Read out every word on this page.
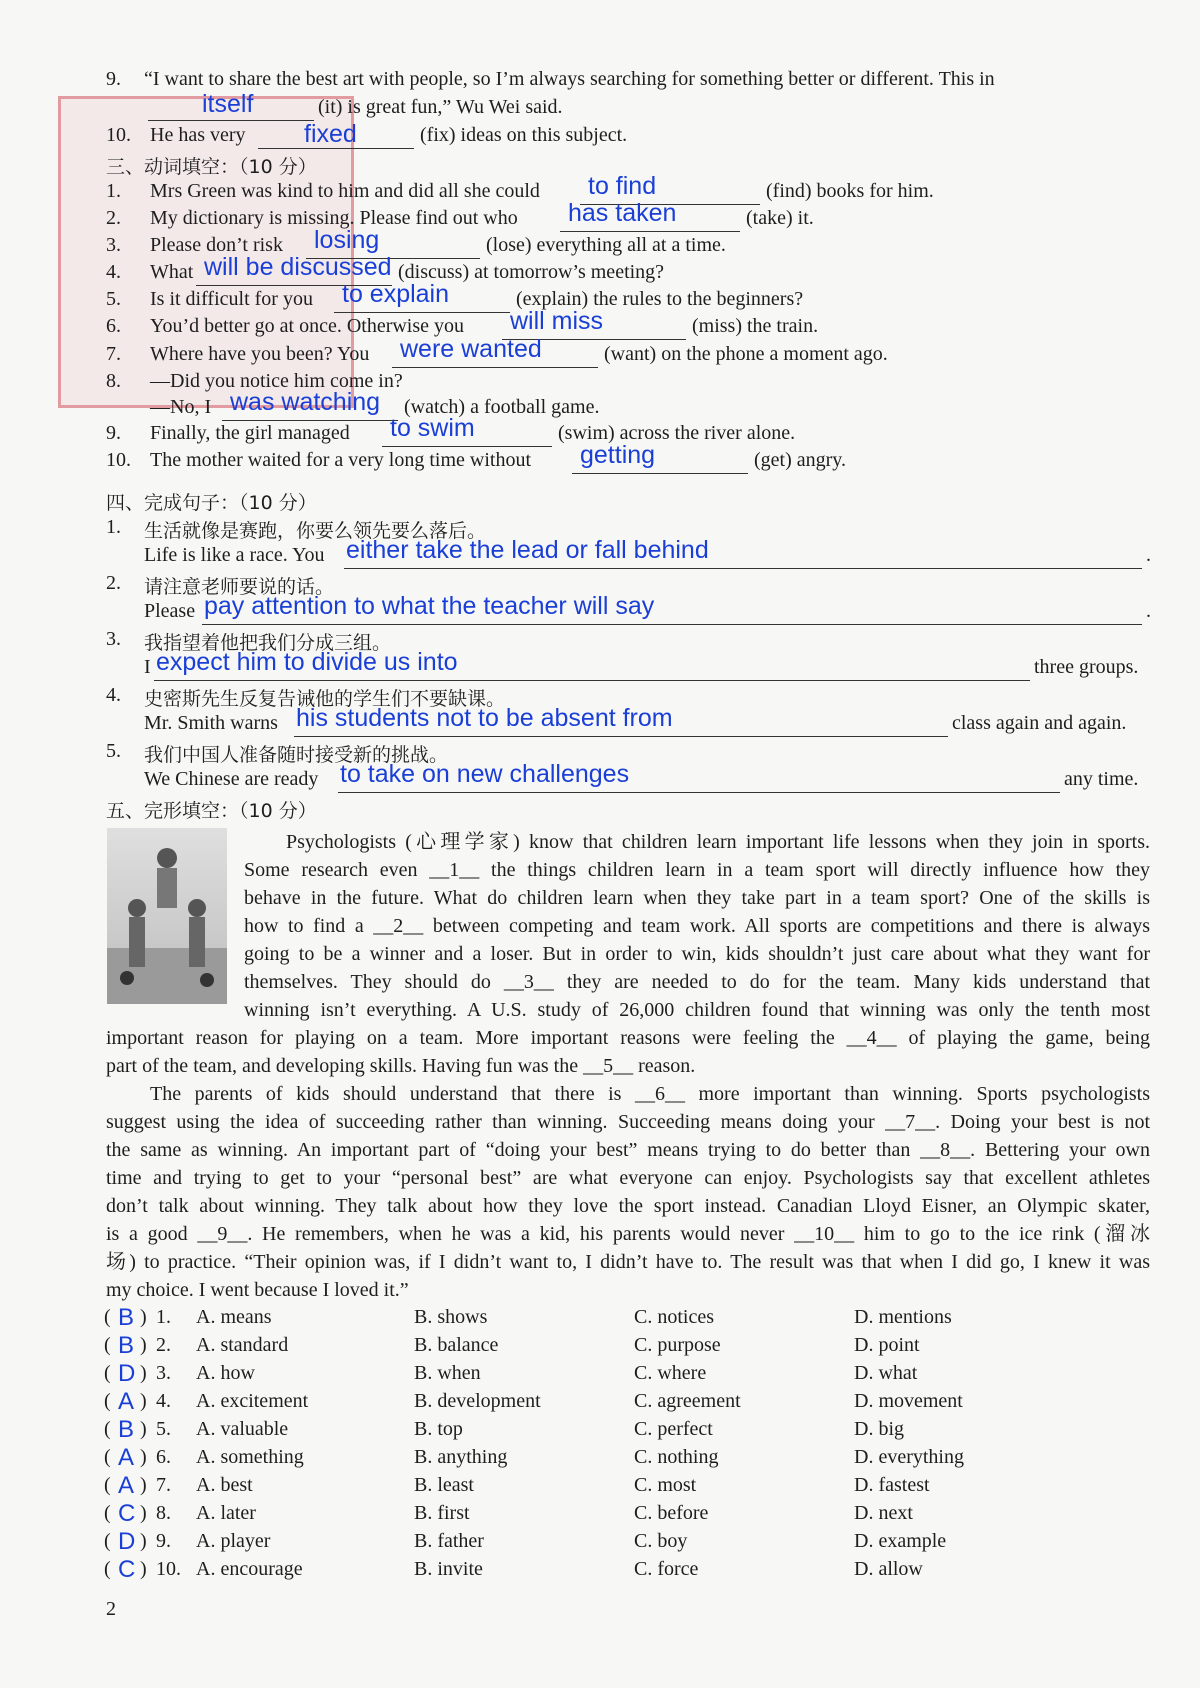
9. “I want to share the best art with people, so I’m always searching for something better or different. This in
itself	(it) is great fun,” Wu Wei said.
10. He has very fixed	(fix) ideas on this subject.
三、动词填空：（10 分）
1. Mrs Green was kind to him and did all she could to find	(find) books for him.
2. My dictionary is missing. Please find out who has taken	(take) it.
3. Please don’t risk losing	(lose) everything all at a time.
4. What will be discussed (discuss) at tomorrow’s meeting?
5. Is it difficult for you to explain	(explain) the rules to the beginners?
6. You’d better go at once. Otherwise you will miss	(miss) the train.
7. Where have you been? You were wanted	(want) on the phone a moment ago.
8. —Did you notice him come in?
—No, I was watching (watch) a football game.
9. Finally, the girl managed to swim	(swim) across the river alone.
10. The mother waited for a very long time without getting	(get) angry.
四、完成句子：（10 分）
1. 生活就像是赛跑，你要么领先要么落后。
Life is like a race. You either take the lead or fall behind	.
2. 请注意老师要说的话。
Please pay attention to what the teacher will say	.
3. 我指望着他把我们分成三组。
I expect him to divide us into	three groups.
4. 史密斯先生反复告诫他的学生们不要缺课。
Mr. Smith warns his students not to be absent from	class again and again.
5. 我们中国人准备随时接受新的挑战。
We Chinese are ready to take on new challenges	any time.
五、完形填空：（10 分）
Psychologists (心理学家) know that children learn important life lessons when they join in sports.
Some research even __1__ the things children learn in a team sport will directly influence how they
behave in the future. What do children learn when they take part in a team sport? One of the skills is
how to find a __2__ between competing and team work. All sports are competitions and there is always
going to be a winner and a loser. But in order to win, kids shouldn’t just care about what they want for
themselves. They should do __3__ they are needed to do for the team. Many kids understand that
winning isn’t everything. A U.S. study of 26,000 children found that winning was only the tenth most
important reason for playing on a team. More important reasons were feeling the __4__ of playing the game, being
part of the team, and developing skills. Having fun was the __5__ reason.
The parents of kids should understand that there is __6__ more important than winning. Sports psychologists
suggest using the idea of succeeding rather than winning. Succeeding means doing your __7__. Doing your best is not
the same as winning. An important part of “doing your best” means trying to do better than __8__. Bettering your own
time and trying to get to your “personal best” are what everyone can enjoy. Psychologists say that excellent athletes
don’t talk about winning. They talk about how they love the sport instead. Canadian Lloyd Eisner, an Olympic skater,
is a good __9__. He remembers, when he was a kid, his parents would never __10__ him to go to the ice rink (溜冰
场) to practice. “Their opinion was, if I didn’t want to, I didn’t have to. The result was that when I did go, I knew it was
my choice. I went because I loved it.”
( B ) 1. A. means	B. shows	C. notices	D. mentions
( B ) 2. A. standard	B. balance	C. purpose	D. point
( D ) 3. A. how	B. when	C. where	D. what
( A ) 4. A. excitement	B. development	C. agreement	D. movement
( B ) 5. A. valuable	B. top	C. perfect	D. big
( A ) 6. A. something	B. anything	C. nothing	D. everything
( A ) 7. A. best	B. least	C. most	D. fastest
( C ) 8. A. later	B. first	C. before	D. next
( D ) 9. A. player	B. father	C. boy	D. example
( C ) 10. A. encourage	B. invite	C. force	D. allow
2
